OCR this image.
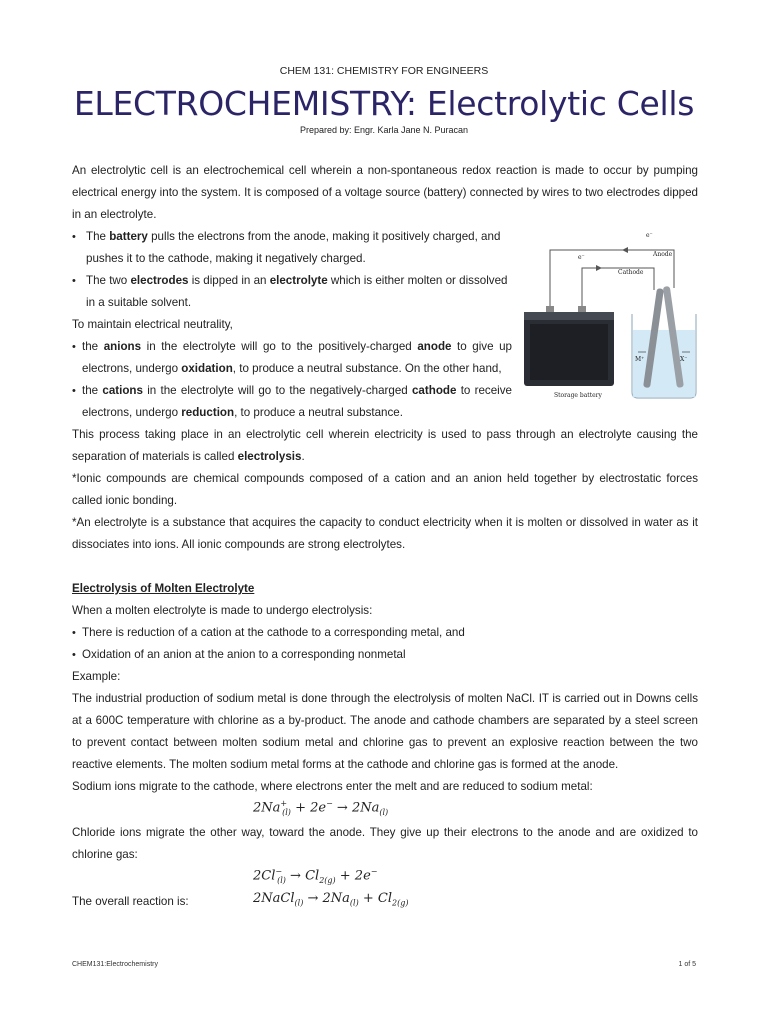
CHEM 131: CHEMISTRY FOR ENGINEERS
ELECTROCHEMISTRY: Electrolytic Cells
Prepared by: Engr. Karla Jane N. Puracan
An electrolytic cell is an electrochemical cell wherein a non-spontaneous redox reaction is made to occur by pumping electrical energy into the system. It is composed of a voltage source (battery) connected by wires to two electrodes dipped in an electrolyte.
• The battery pulls the electrons from the anode, making it positively charged, and pushes it to the cathode, making it negatively charged.
• The two electrodes is dipped in an electrolyte which is either molten or dissolved in a suitable solvent.
To maintain electrical neutrality,
• the anions in the electrolyte will go to the positively-charged anode to give up electrons, undergo oxidation, to produce a neutral substance. On the other hand,
• the cations in the electrolyte will go to the negatively-charged cathode to receive electrons, undergo reduction, to produce a neutral substance.
e⁻
e⁻	Anode
Cathode
M⁺	X⁻
Storage battery
This process taking place in an electrolytic cell wherein electricity is used to pass through an electrolyte causing the separation of materials is called electrolysis.
*Ionic compounds are chemical compounds composed of a cation and an anion held together by electrostatic forces called ionic bonding.
*An electrolyte is a substance that acquires the capacity to conduct electricity when it is molten or dissolved in water as it dissociates into ions. All ionic compounds are strong electrolytes.
Electrolysis of Molten Electrolyte
When a molten electrolyte is made to undergo electrolysis:
• There is reduction of a cation at the cathode to a corresponding metal, and
• Oxidation of an anion at the anion to a corresponding nonmetal
Example:
The industrial production of sodium metal is done through the electrolysis of molten NaCl. IT is carried out in Downs cells at a 600C temperature with chlorine as a by-product. The anode and cathode chambers are separated by a steel screen to prevent contact between molten sodium metal and chlorine gas to prevent an explosive reaction between the two reactive elements. The molten sodium metal forms at the cathode and chlorine gas is formed at the anode.
Sodium ions migrate to the cathode, where electrons enter the melt and are reduced to sodium metal:
$2Na^+_{(l)} + 2e^- \to 2Na_{(l)}$
Chloride ions migrate the other way, toward the anode. They give up their electrons to the anode and are oxidized to chlorine gas:
$2Cl^-_{(l)} \to Cl_{2(g)} + 2e^-$
The overall reaction is:	2NaCl$_{(l)}$ → $2Na_{(l)} + Cl_{2(g)}$
CHEM131:Electrochemistry	1 of 5
